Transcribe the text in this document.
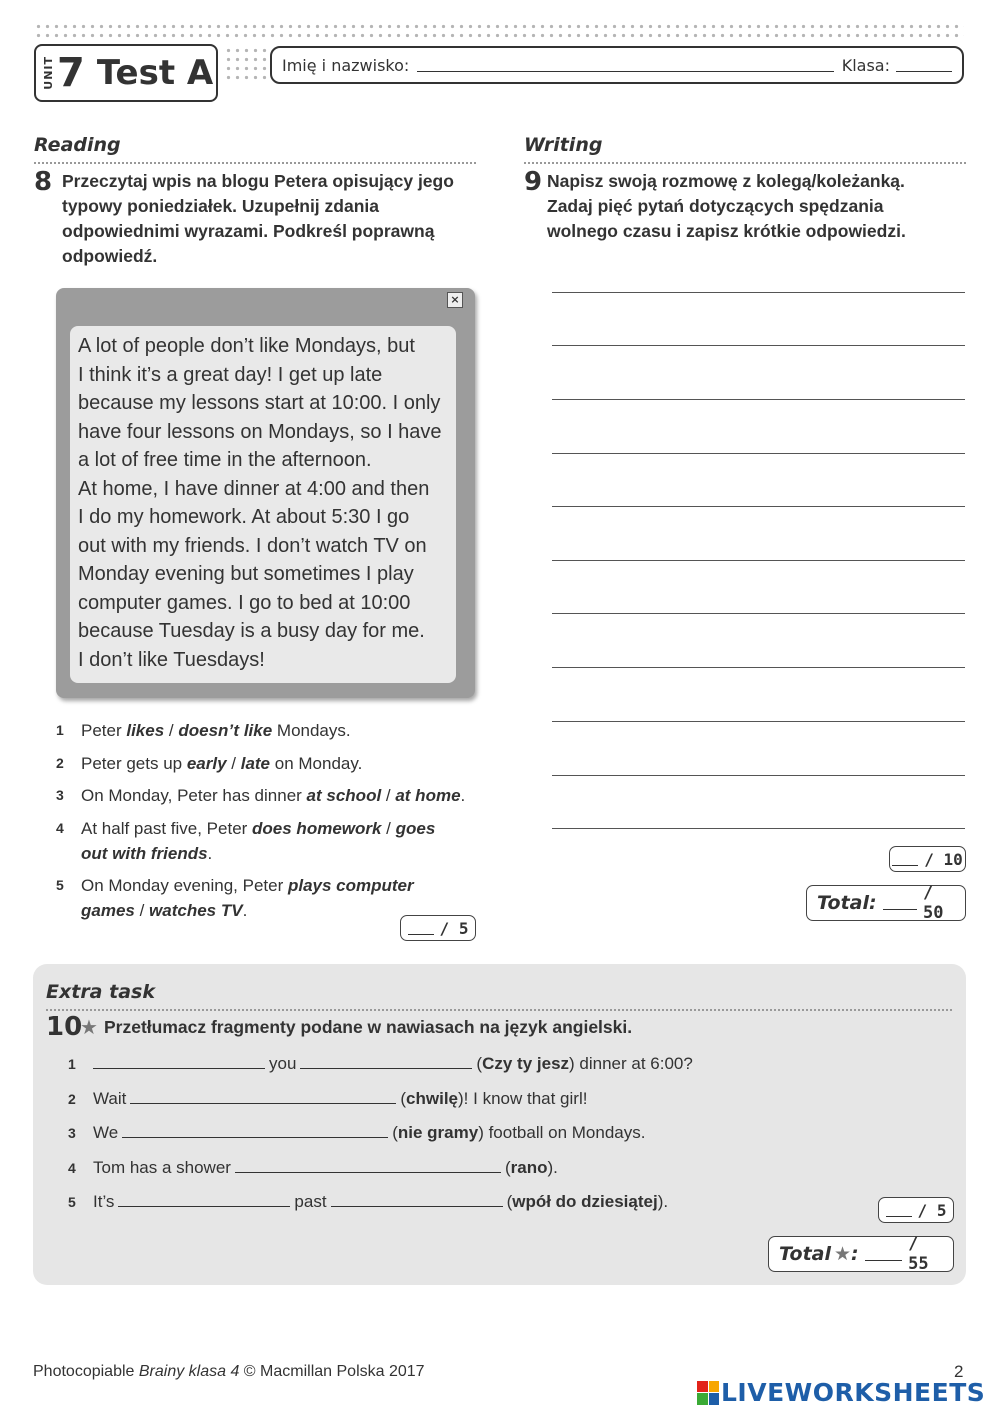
UNIT 7 Test A	Imię i nazwisko:	Klasa:
Reading
8 Przeczytaj wpis na blogu Petera opisujący jego typowy poniedziałek. Uzupełnij zdania odpowiednimi wyrazami. Podkreśl poprawną odpowiedź.
×
A lot of people don’t like Mondays, but
I think it’s a great day! I get up late
because my lessons start at 10:00. I only
have four lessons on Mondays, so I have
a lot of free time in the afternoon.
At home, I have dinner at 4:00 and then
I do my homework. At about 5:30 I go
out with my friends. I don’t watch TV on
Monday evening but sometimes I play
computer games. I go to bed at 10:00
because Tuesday is a busy day for me.
I don’t like Tuesdays!
1	Peter likes / doesn’t like Mondays.
2	Peter gets up early / late on Monday.
3	On Monday, Peter has dinner at school / at home.
4	At half past five, Peter does homework / goes out with friends.
5	On Monday evening, Peter plays computer games / watches TV.
/ 5
Writing
9 Napisz swoją rozmowę z kolegą/koleżanką. Zadaj pięć pytań dotyczących spędzania wolnego czasu i zapisz krótkie odpowiedzi.
/ 10
Total:	/ 50
Extra task
10
★ Przetłumacz fragmenty podane w nawiasach na język angielski.
1	you	( Czy ty jesz ) dinner at 6:00?
2	Wait	( chwilę )! I know that girl!
3	We	( nie gramy ) football on Mondays.
4	Tom has a shower	( rano ).
5	It’s	past	( wpół do dziesiątej ).	/ 5
Total ★ :	/ 55
Photocopiable Brainy klasa 4 © Macmillan Polska 2017	2
LIVEWORKSHEETS
